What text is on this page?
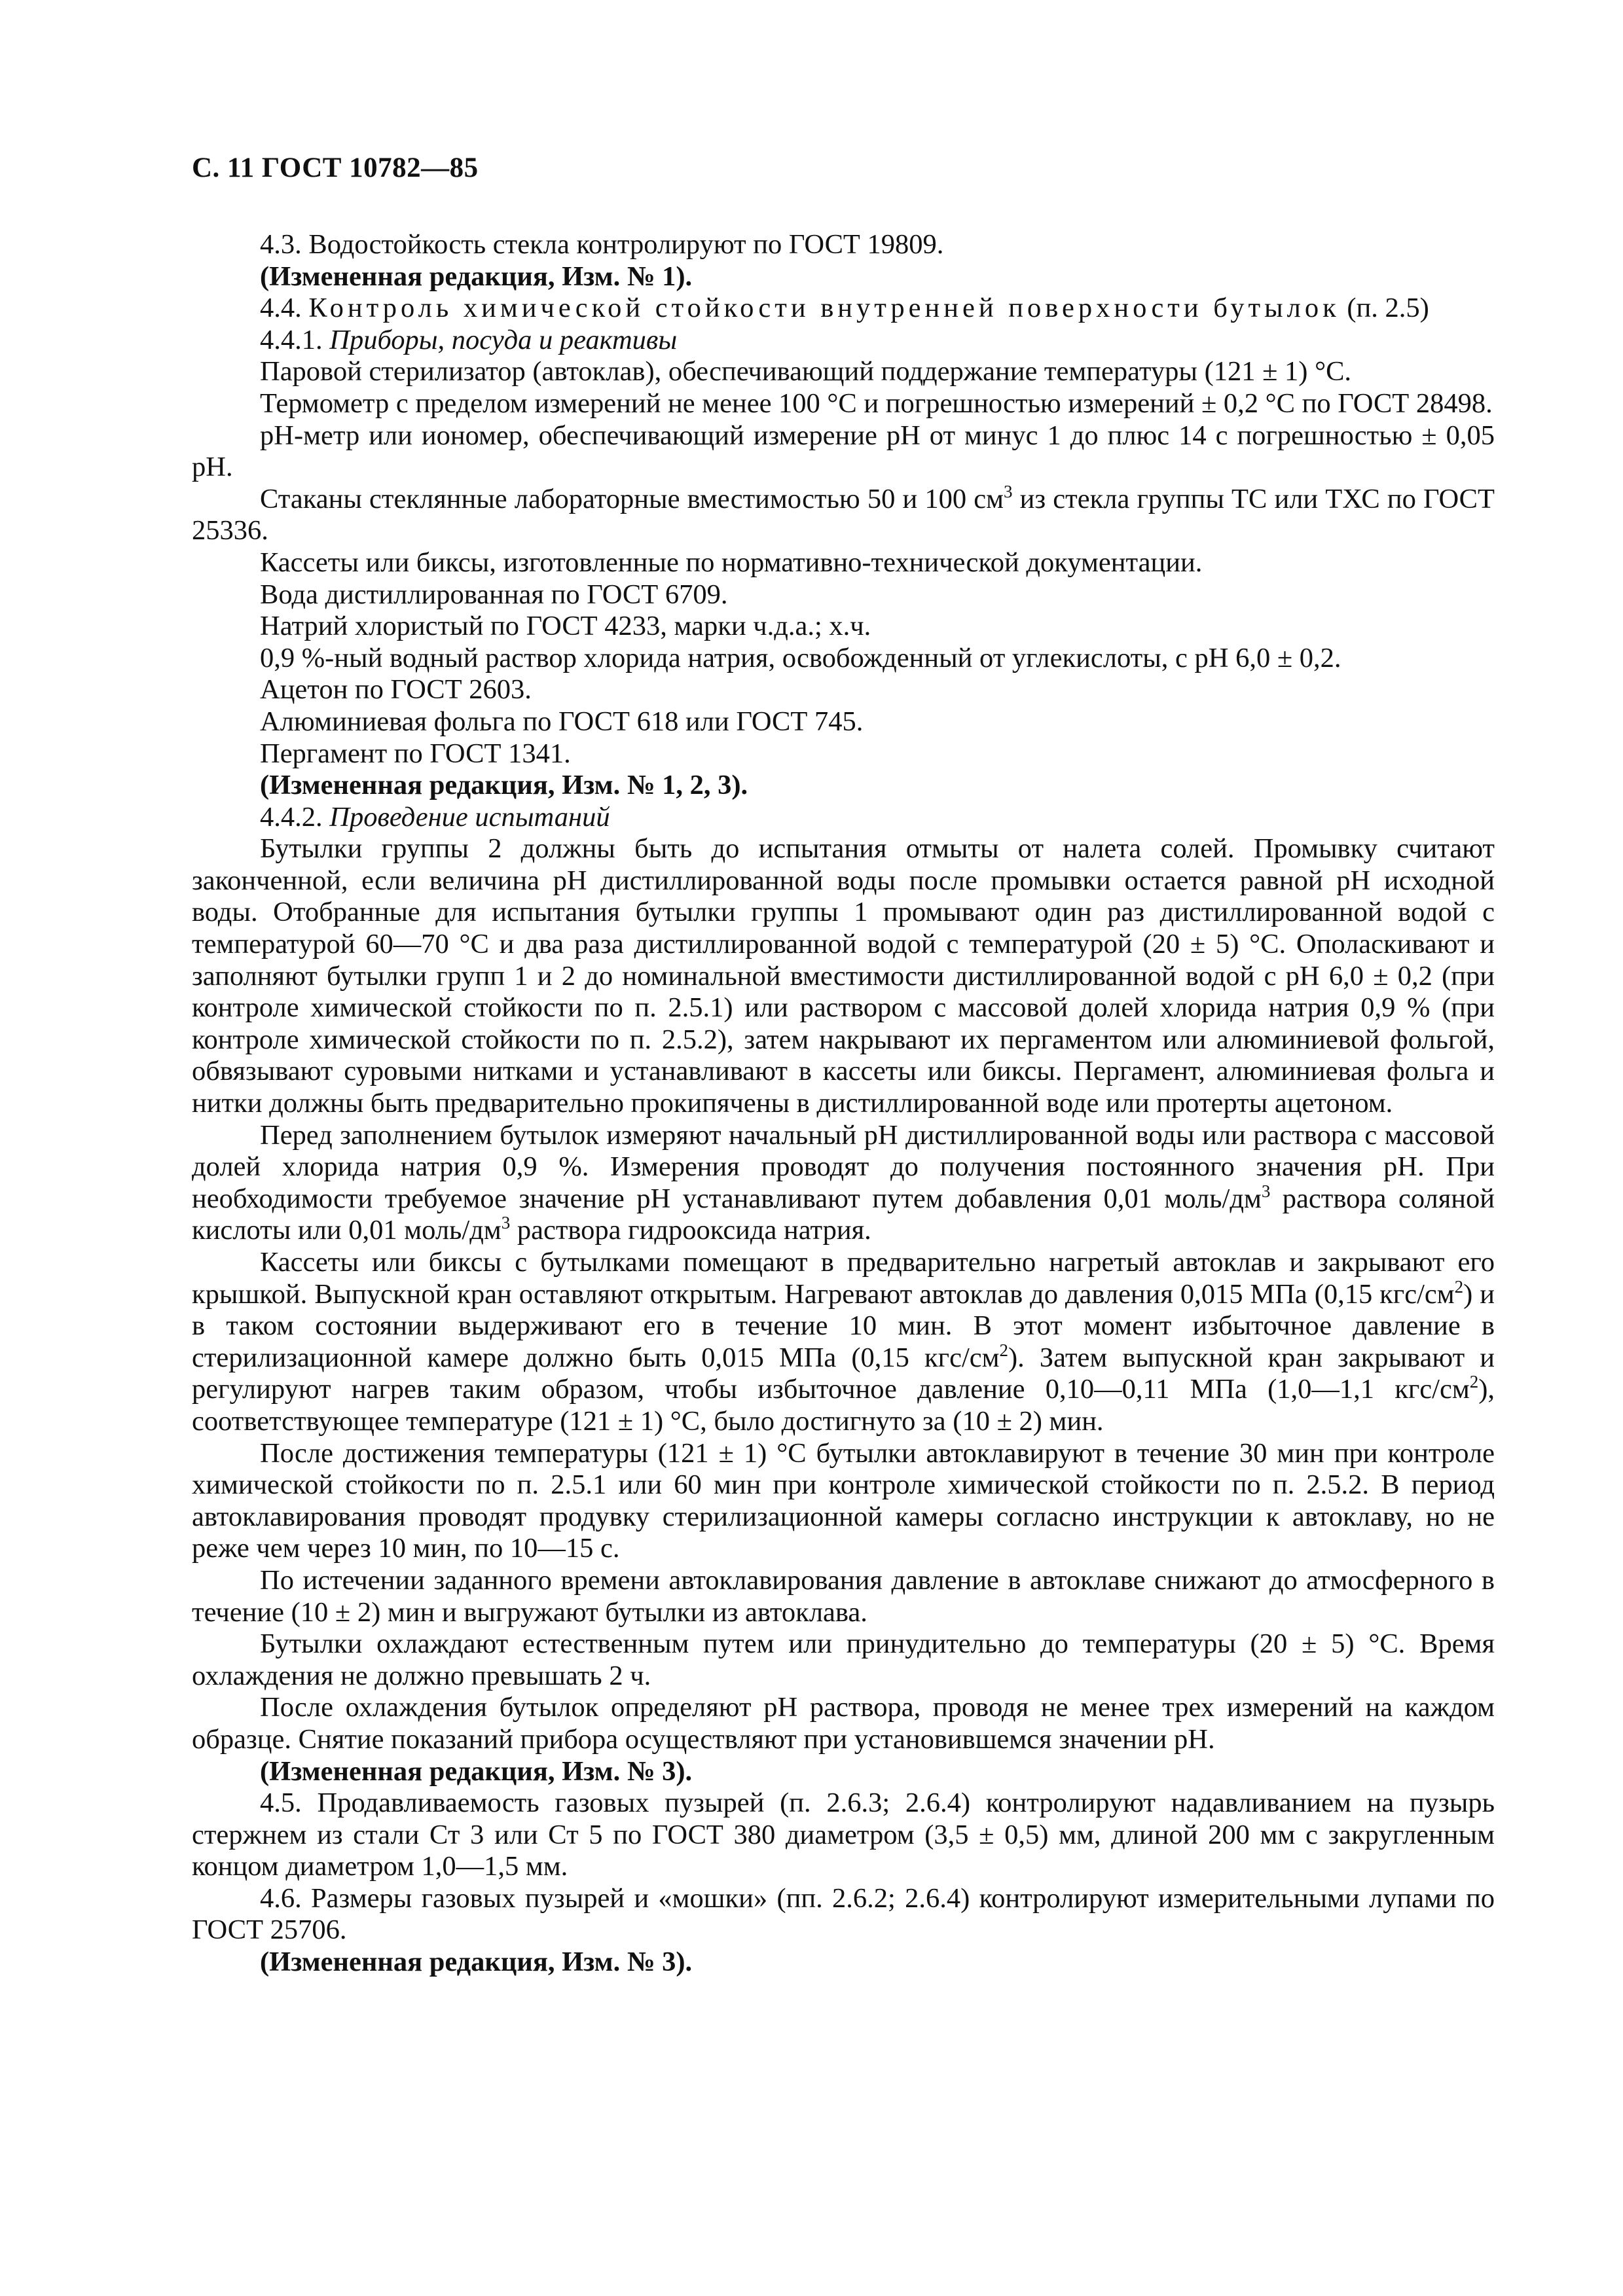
С. 11 ГОСТ 10782—85

4.3. Водостойкость стекла контролируют по ГОСТ 19809.

(Измененная редакция, Изм. № 1).

4.4. Контроль химической стойкости внутренней поверхности бутылок (п. 2.5)

4.4.1. Приборы, посуда и реактивы

Паровой стерилизатор (автоклав), обеспечивающий поддержание температуры (121 ± 1) °С.

Термометр с пределом измерений не менее 100 °С и погрешностью измерений ± 0,2 °С по ГОСТ 28498.

pH-метр или иономер, обеспечивающий измерение pH от минус 1 до плюс 14 с погрешностью ± 0,05 pH.

Стаканы стеклянные лабораторные вместимостью 50 и 100 $см^3$ из стекла группы ТС или ТХС по ГОСТ 25336.

Кассеты или биксы, изготовленные по нормативно-технической документации.

Вода дистиллированная по ГОСТ 6709.

Натрий хлористый по ГОСТ 4233, марки ч.д.а.; х.ч.

0,9 %-ный водный раствор хлорида натрия, освобожденный от углекислоты, с pH 6,0 ± 0,2.

Ацетон по ГОСТ 2603.

Алюминиевая фольга по ГОСТ 618 или ГОСТ 745.

Пергамент по ГОСТ 1341.

(Измененная редакция, Изм. № 1, 2, 3).

4.4.2. Проведение испытаний

Бутылки группы 2 должны быть до испытания отмыты от налета солей. Промывку считают законченной, если величина pH дистиллированной воды после промывки остается равной pH исходной воды. Отобранные для испытания бутылки группы 1 промывают один раз дистиллированной водой с температурой 60—70 °С и два раза дистиллированной водой с температурой (20 ± 5) °С. Ополаскивают и заполняют бутылки групп 1 и 2 до номинальной вместимости дистиллированной водой с pH 6,0 ± 0,2 (при контроле химической стойкости по п. 2.5.1) или раствором с массовой долей хлорида натрия 0,9 % (при контроле химической стойкости по п. 2.5.2), затем накрывают их пергаментом или алюминиевой фольгой, обвязывают суровыми нитками и устанавливают в кассеты или биксы. Пергамент, алюминиевая фольга и нитки должны быть предварительно прокипячены в дистиллированной воде или протерты ацетоном.

Перед заполнением бутылок измеряют начальный pH дистиллированной воды или раствора с массовой долей хлорида натрия 0,9 %. Измерения проводят до получения постоянного значения pH. При необходимости требуемое значение pH устанавливают путем добавления 0,01 моль/$дм^3$ раствора соляной кислоты или 0,01 моль/$дм^3$ раствора гидрооксида натрия.

Кассеты или биксы с бутылками помещают в предварительно нагретый автоклав и закрывают его крышкой. Выпускной кран оставляют открытым. Нагревают автоклав до давления 0,015 МПа (0,15 кгс/$см^2$) и в таком состоянии выдерживают его в течение 10 мин. В этот момент избыточное давление в стерилизационной камере должно быть 0,015 МПа (0,15 кгс/$см^2$). Затем выпускной кран закрывают и регулируют нагрев таким образом, чтобы избыточное давление 0,10—0,11 МПа (1,0—1,1 кгс/$см^2$), соответствующее температуре (121 ± 1) °С, было достигнуто за (10 ± 2) мин.

После достижения температуры (121 ± 1) °С бутылки автоклавируют в течение 30 мин при контроле химической стойкости по п. 2.5.1 или 60 мин при контроле химической стойкости по п. 2.5.2. В период автоклавирования проводят продувку стерилизационной камеры согласно инструкции к автоклаву, но не реже чем через 10 мин, по 10—15 с.

По истечении заданного времени автоклавирования давление в автоклаве снижают до атмосферного в течение (10 ± 2) мин и выгружают бутылки из автоклава.

Бутылки охлаждают естественным путем или принудительно до температуры (20 ± 5) °С. Время охлаждения не должно превышать 2 ч.

После охлаждения бутылок определяют pH раствора, проводя не менее трех измерений на каждом образце. Снятие показаний прибора осуществляют при установившемся значении pH.

(Измененная редакция, Изм. № 3).

4.5. Продавливаемость газовых пузырей (п. 2.6.3; 2.6.4) контролируют надавливанием на пузырь стержнем из стали Ст 3 или Ст 5 по ГОСТ 380 диаметром (3,5 ± 0,5) мм, длиной 200 мм с закругленным концом диаметром 1,0—1,5 мм.

4.6. Размеры газовых пузырей и «мошки» (пп. 2.6.2; 2.6.4) контролируют измерительными лупами по ГОСТ 25706.

(Измененная редакция, Изм. № 3).
